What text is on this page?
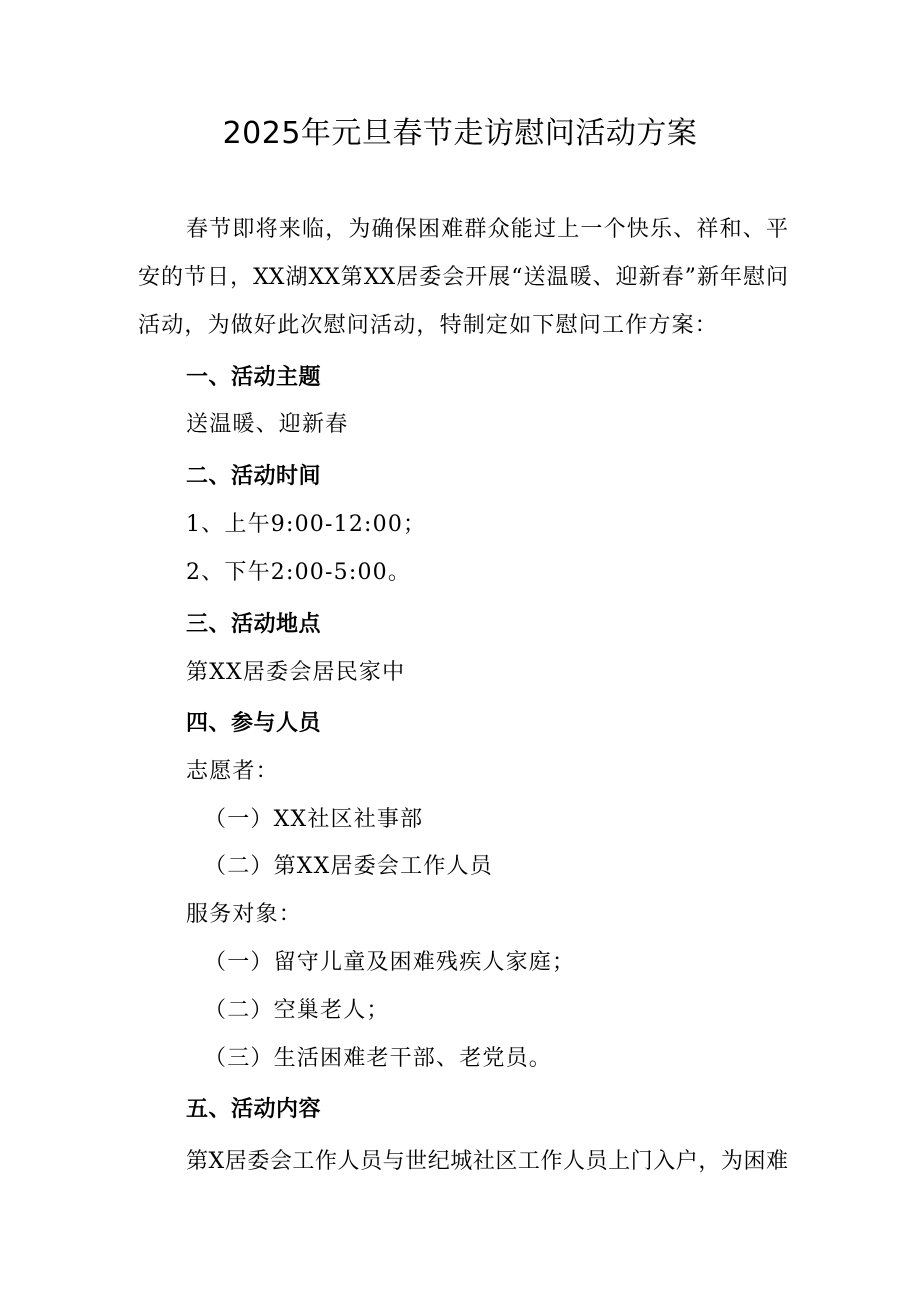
2025年元旦春节走访慰问活动方案
春节即将来临，为确保困难群众能过上一个快乐、祥和、平
安的节日，XX湖XX第XX居委会开展“送温暖、迎新春”新年慰问
活动，为做好此次慰问活动，特制定如下慰问工作方案：
一、活动主题
送温暖、迎新春
二、活动时间
1、上午9:00-12:00；
2、下午2:00-5:00。
三、活动地点
第XX居委会居民家中
四、参与人员
志愿者：
（一）XX社区社事部
（二）第XX居委会工作人员
服务对象：
（一）留守儿童及困难残疾人家庭；
（二）空巢老人；
（三）生活困难老干部、老党员。
五、活动内容
第X居委会工作人员与世纪城社区工作人员上门入户，为困难
